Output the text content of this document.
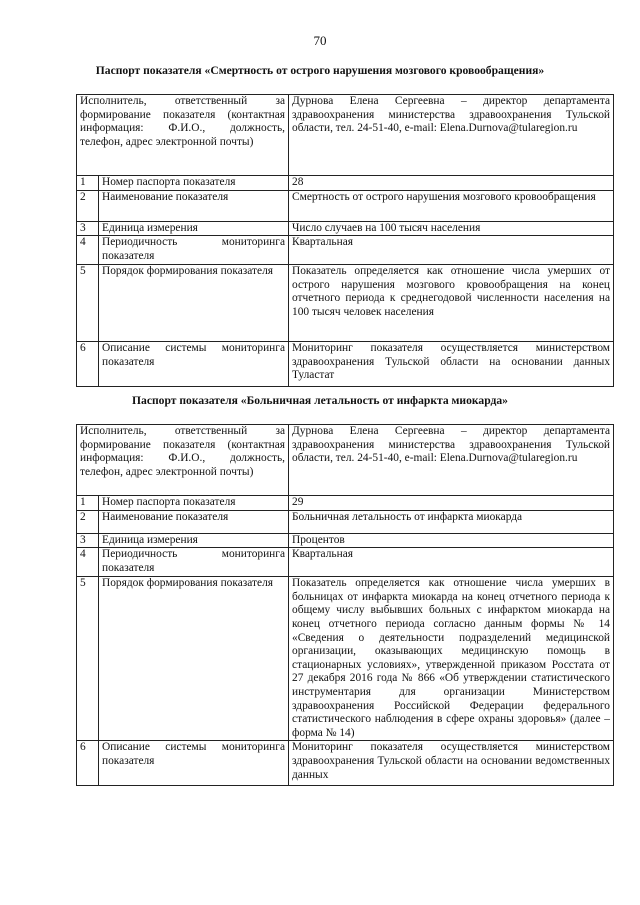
70
Паспорт показателя «Смертность от острого нарушения мозгового кровообращения»
Исполнитель, ответственный за формирование показателя (контактная информация: Ф.И.О., должность, телефон, адрес электронной почты)		Дурнова Елена Сергеевна – директор департамента здравоохранения министерства здравоохранения Тульской области, тел. 24-51-40, e-mail: Elena.Durnova@tularegion.ru
1	Номер паспорта показателя	28
2	Наименование показателя	Смертность от острого нарушения мозгового кровообращения
3	Единица измерения	Число случаев на 100 тысяч населения
4	Периодичность мониторинга показателя	Квартальная
5	Порядок формирования показателя	Показатель определяется как отношение числа умерших от острого нарушения мозгового кровообращения на конец отчетного периода к среднегодовой численности населения на 100 тысяч человек населения
6	Описание системы мониторинга показателя	Мониторинг показателя осуществляется министерством здравоохранения Тульской области на основании данных Туластат
Паспорт показателя «Больничная летальность от инфаркта миокарда»
Исполнитель, ответственный за формирование показателя (контактная информация: Ф.И.О., должность, телефон, адрес электронной почты)		Дурнова Елена Сергеевна – директор департамента здравоохранения министерства здравоохранения Тульской области, тел. 24-51-40, e-mail: Elena.Durnova@tularegion.ru
1	Номер паспорта показателя	29
2	Наименование показателя	Больничная летальность от инфаркта миокарда
3	Единица измерения	Процентов
4	Периодичность мониторинга показателя	Квартальная
5	Порядок формирования показателя	Показатель определяется как отношение числа умерших в больницах от инфаркта миокарда на конец отчетного периода к общему числу выбывших больных с инфарктом миокарда на конец отчетного периода согласно данным формы № 14 «Сведения о деятельности подразделений медицинской организации, оказывающих медицинскую помощь в стационарных условиях», утвержденной приказом Росстата от 27 декабря 2016 года № 866 «Об утверждении статистического инструментария для организации Министерством здравоохранения Российской Федерации федерального статистического наблюдения в сфере охраны здоровья» (далее – форма № 14)
6	Описание системы мониторинга показателя	Мониторинг показателя осуществляется министерством здравоохранения Тульской области на основании ведомственных данных
